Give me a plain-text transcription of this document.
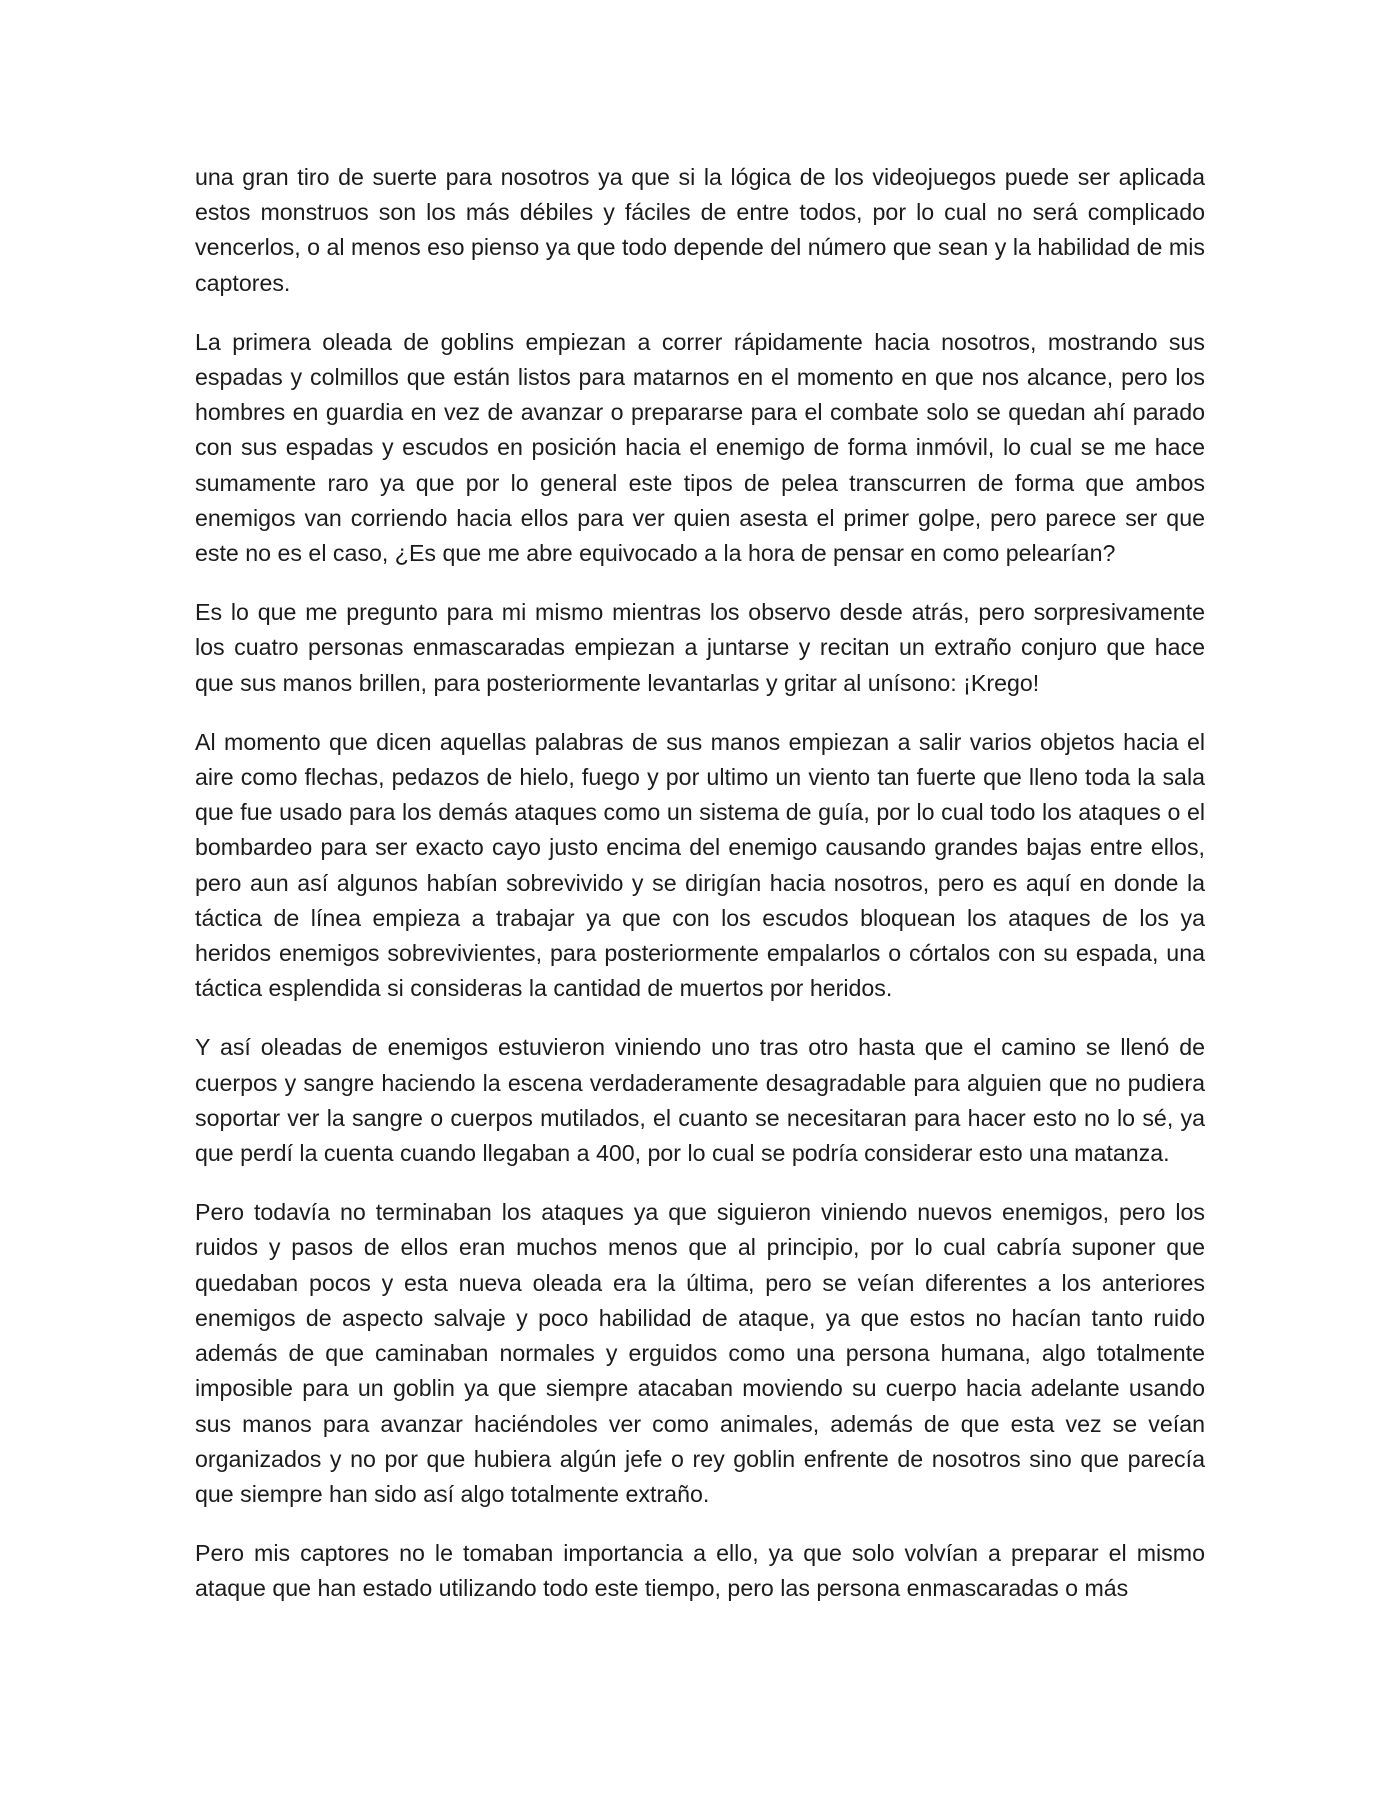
una gran tiro de suerte para nosotros ya que si la lógica de los videojuegos puede ser aplicada estos monstruos son los más débiles y fáciles de entre todos, por lo cual no será complicado vencerlos, o al menos eso pienso ya que todo depende del número que sean y la habilidad de mis captores.

La primera oleada de goblins empiezan a correr rápidamente hacia nosotros, mostrando sus espadas y colmillos que están listos para matarnos en el momento en que nos alcance, pero los hombres en guardia en vez de avanzar o prepararse para el combate solo se quedan ahí parado con sus espadas y escudos en posición hacia el enemigo de forma inmóvil, lo cual se me hace sumamente raro ya que por lo general este tipos de pelea transcurren de forma que ambos enemigos van corriendo hacia ellos para ver quien asesta el primer golpe, pero parece ser que este no es el caso, ¿Es que me abre equivocado a la hora de pensar en como pelearían?

Es lo que me pregunto para mi mismo mientras los observo desde atrás, pero sorpresivamente los cuatro personas enmascaradas empiezan a juntarse y recitan un extraño conjuro que hace que sus manos brillen, para posteriormente levantarlas y gritar al unísono: ¡Krego!

Al momento que dicen aquellas palabras de sus manos empiezan a salir varios objetos hacia el aire como flechas, pedazos de hielo, fuego y por ultimo un viento tan fuerte que lleno toda la sala que fue usado para los demás ataques como un sistema de guía, por lo cual todo los ataques o el bombardeo para ser exacto cayo justo encima del enemigo causando grandes bajas entre ellos, pero aun así algunos habían sobrevivido y se dirigían hacia nosotros, pero es aquí en donde la táctica de línea empieza a trabajar ya que con los escudos bloquean los ataques de los ya heridos enemigos sobrevivientes, para posteriormente empalarlos o córtalos con su espada, una táctica esplendida si consideras la cantidad de muertos por heridos.

Y así oleadas de enemigos estuvieron viniendo uno tras otro hasta que el camino se llenó de cuerpos y sangre haciendo la escena verdaderamente desagradable para alguien que no pudiera soportar ver la sangre o cuerpos mutilados, el cuanto se necesitaran para hacer esto no lo sé, ya que perdí la cuenta cuando llegaban a 400, por lo cual se podría considerar esto una matanza.

Pero todavía no terminaban los ataques ya que siguieron viniendo nuevos enemigos, pero los ruidos y pasos de ellos eran muchos menos que al principio, por lo cual cabría suponer que quedaban pocos y esta nueva oleada era la última, pero se veían diferentes a los anteriores enemigos de aspecto salvaje y poco habilidad de ataque, ya que estos no hacían tanto ruido además de que caminaban normales y erguidos como una persona humana, algo totalmente imposible para un goblin ya que siempre atacaban moviendo su cuerpo hacia adelante usando sus manos para avanzar haciéndoles ver como animales, además de que esta vez se veían organizados y no por que hubiera algún jefe o rey goblin enfrente de nosotros sino que parecía que siempre han sido así algo totalmente extraño.

Pero mis captores no le tomaban importancia a ello, ya que solo volvían a preparar el mismo ataque que han estado utilizando todo este tiempo, pero las persona enmascaradas o más
